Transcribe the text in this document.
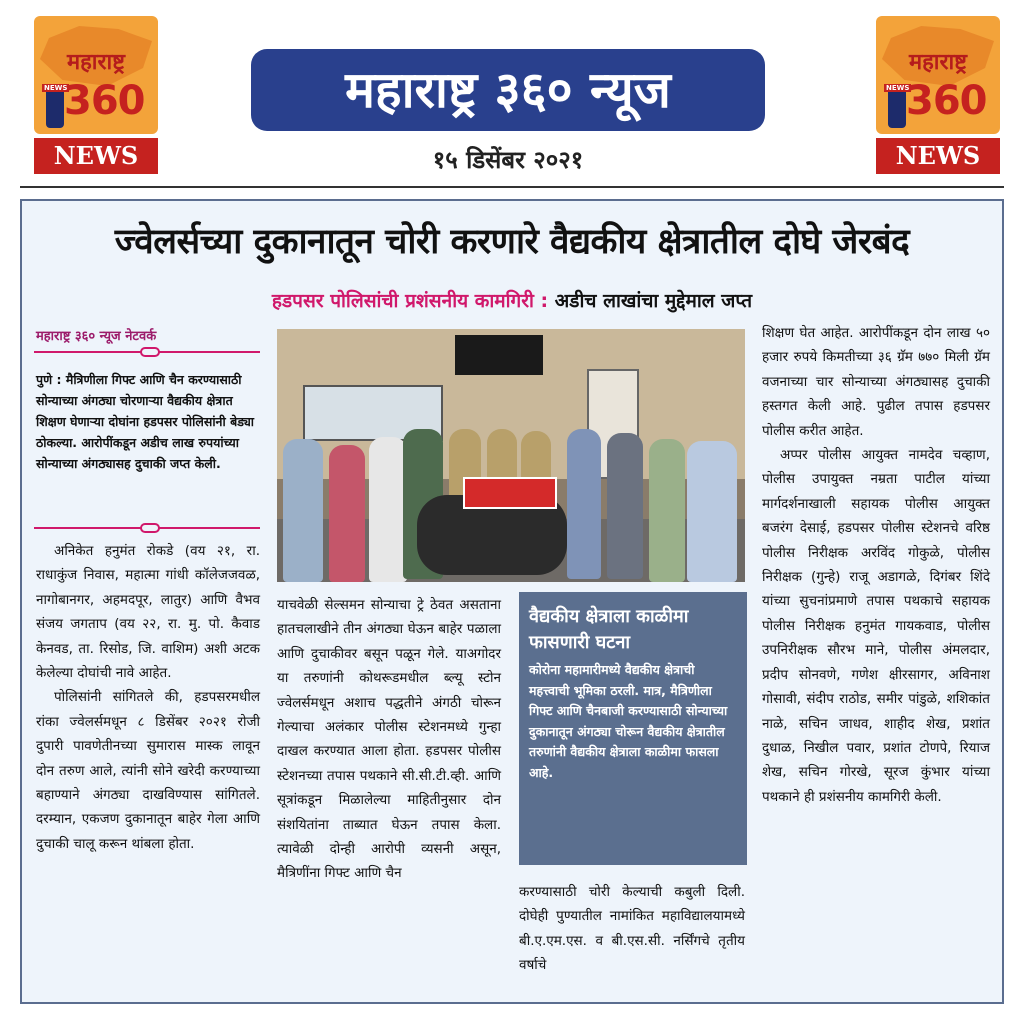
महाराष्ट्र
NEWS
360
NEWS
महाराष्ट्र ३६० न्यूज
१५ डिसेंबर २०२१
महाराष्ट्र
NEWS
360
NEWS
ज्वेलर्सच्या दुकानातून चोरी करणारे वैद्यकीय क्षेत्रातील दोघे जेरबंद
हडपसर पोलिसांची प्रशंसनीय कामगिरी : अडीच लाखांचा मुद्देमाल जप्त
महाराष्ट्र ३६० न्यूज नेटवर्क
पुणे : मैत्रिणीला गिफ्ट आणि चैन करण्यासाठी सोन्याच्या अंगठ्या चोरणाऱ्या वैद्यकीय क्षेत्रात शिक्षण घेणाऱ्या दोघांना हडपसर पोलिसांनी बेड्या ठोकल्या. आरोपींकडून अडीच लाख रुपयांच्या सोन्याच्या अंगठ्यासह दुचाकी जप्त केली.

अनिकेत हनुमंत रोकडे (वय २१, रा. राधाकुंज निवास, महात्मा गांधी कॉलेजजवळ, नागोबानगर, अहमदपूर, लातुर) आणि वैभव संजय जगताप (वय २२, रा. मु. पो. कैवाड केनवड, ता. रिसोड, जि. वाशिम) अशी अटक केलेल्या दोघांची नावे आहेत.

पोलिसांनी सांगितले की, हडपसरमधील रांका ज्वेलर्समधून ८ डिसेंबर २०२१ रोजी दुपारी पावणेतीनच्या सुमारास मास्क लावून दोन तरुण आले, त्यांनी सोने खरेदी करण्याच्या बहाण्याने अंगठ्या दाखविण्यास सांगितले. दरम्यान, एकजण दुकानातून बाहेर गेला आणि दुचाकी चालू करून थांबला होता.

याचवेळी सेल्समन सोन्याचा ट्रे ठेवत असताना हातचलाखीने तीन अंगठ्या घेऊन बाहेर पळाला आणि दुचाकीवर बसून पळून गेले. याअगोदर या तरुणांनी कोथरूडमधील ब्ल्यू स्टोन ज्वेलर्समधून अशाच पद्धतीने अंगठी चोरून गेल्याचा अलंकार पोलीस स्टेशनमध्ये गुन्हा दाखल करण्यात आला होता. हडपसर पोलीस स्टेशनच्या तपास पथकाने सी.सी.टी.व्ही. आणि सूत्रांकडून मिळालेल्या माहितीनुसार दोन संशयितांना ताब्यात घेऊन तपास केला. त्यावेळी दोन्ही आरोपी व्यसनी असून, मैत्रिणींना गिफ्ट आणि चैन
वैद्यकीय क्षेत्राला काळीमा फासणारी घटना
कोरोना महामारीमध्ये वैद्यकीय क्षेत्राची महत्त्वाची भूमिका ठरली. मात्र, मैत्रिणीला गिफ्ट आणि चैनबाजी करण्यासाठी सोन्याच्या दुकानातून अंगठ्या चोरून वैद्यकीय क्षेत्रातील तरुणांनी वैद्यकीय क्षेत्राला काळीमा फासला आहे.
करण्यासाठी चोरी केल्याची कबुली दिली. दोघेही पुण्यातील नामांकित महाविद्यालयामध्ये बी.ए.एम.एस. व बी.एस.सी. नर्सिंगचे तृतीय वर्षाचे

शिक्षण घेत आहेत. आरोपींकडून दोन लाख ५० हजार रुपये किमतीच्या ३६ ग्रॅम ७७० मिली ग्रॅम वजनाच्या चार सोन्याच्या अंगठ्यासह दुचाकी हस्तगत केली आहे. पुढील तपास हडपसर पोलीस करीत आहेत.

अप्पर पोलीस आयुक्त नामदेव चव्हाण, पोलीस उपायुक्त नम्रता पाटील यांच्या मार्गदर्शनाखाली सहायक पोलीस आयुक्त बजरंग देसाई, हडपसर पोलीस स्टेशनचे वरिष्ठ पोलीस निरीक्षक अरविंद गोकुळे, पोलीस निरीक्षक (गुन्हे) राजू अडागळे, दिगंबर शिंदे यांच्या सुचनांप्रमाणे तपास पथकाचे सहायक पोलीस निरीक्षक हनुमंत गायकवाड, पोलीस उपनिरीक्षक सौरभ माने, पोलीस अंमलदार, प्रदीप सोनवणे, गणेश क्षीरसागर, अविनाश गोसावी, संदीप राठोड, समीर पांडुळे, शशिकांत नाळे, सचिन जाधव, शाहीद शेख, प्रशांत दुधाळ, निखील पवार, प्रशांत टोणपे, रियाज शेख, सचिन गोरखे, सूरज कुंभार यांच्या पथकाने ही प्रशंसनीय कामगिरी केली.
